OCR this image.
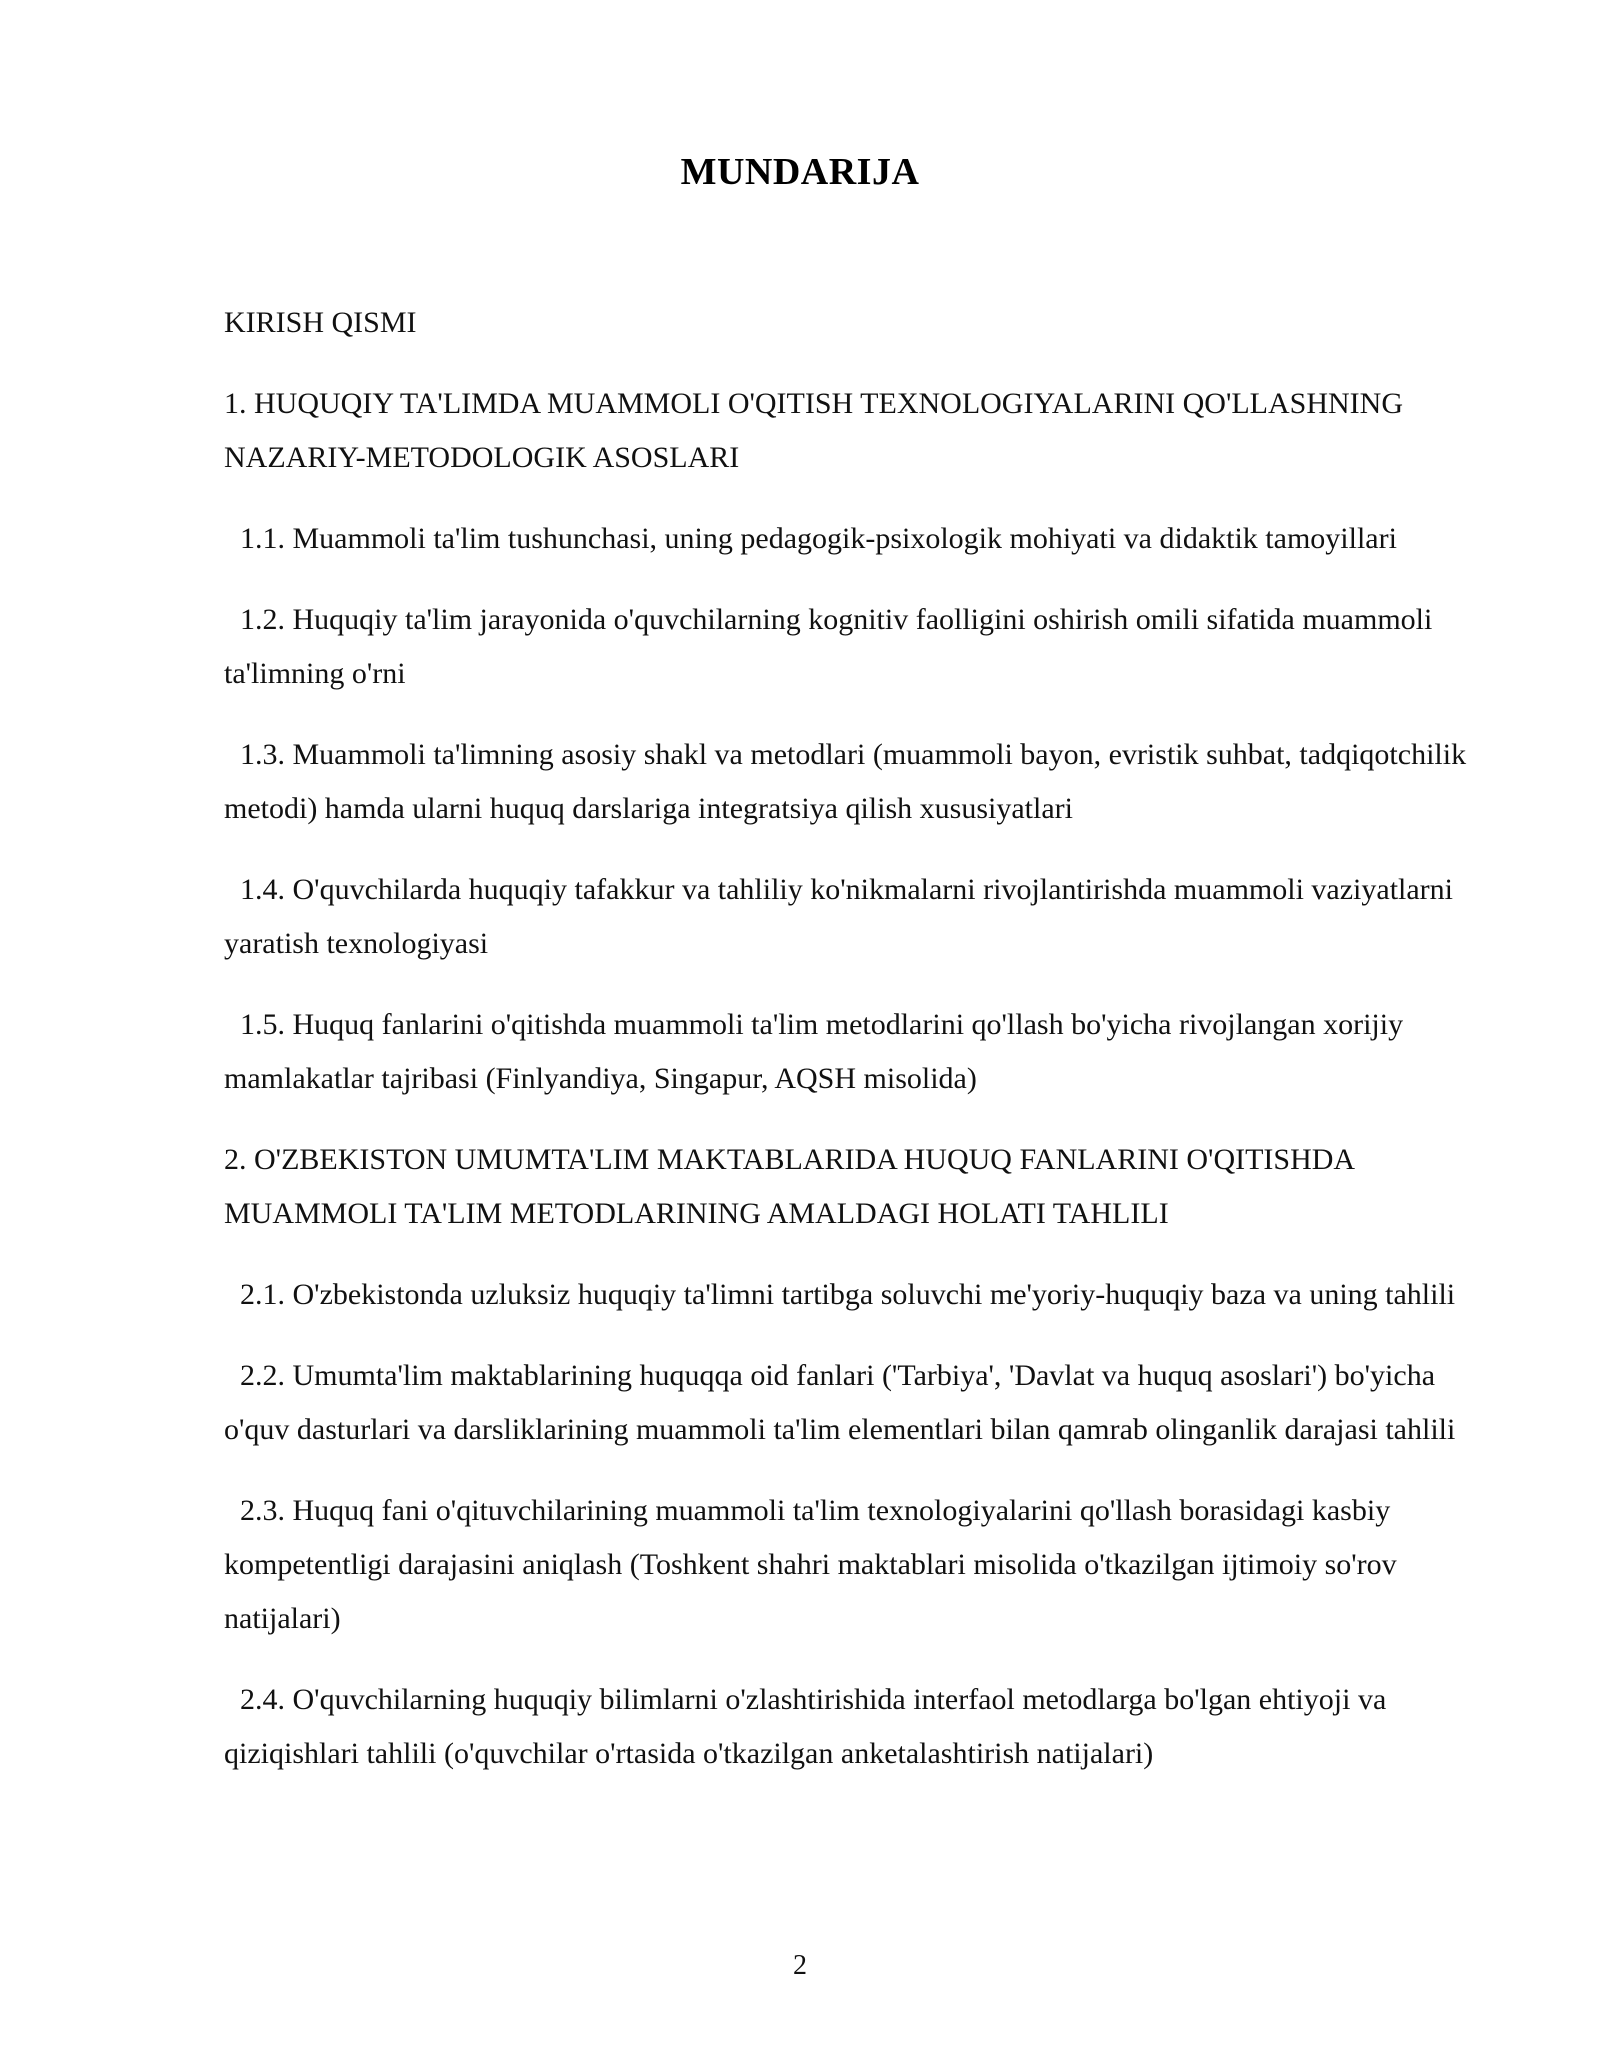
MUNDARIJA
KIRISH QISMI
1. HUQUQIY TA'LIMDA MUAMMOLI O'QITISH TEXNOLOGIYALARINI QO'LLASHNING NAZARIY-METODOLOGIK ASOSLARI
1.1. Muammoli ta'lim tushunchasi, uning pedagogik-psixologik mohiyati va didaktik tamoyillari
1.2. Huquqiy ta'lim jarayonida o'quvchilarning kognitiv faolligini oshirish omili sifatida muammoli ta'limning o'rni
1.3. Muammoli ta'limning asosiy shakl va metodlari (muammoli bayon, evristik suhbat, tadqiqotchilik metodi) hamda ularni huquq darslariga integratsiya qilish xususiyatlari
1.4. O'quvchilarda huquqiy tafakkur va tahliliy ko'nikmalarni rivojlantirishda muammoli vaziyatlarni yaratish texnologiyasi
1.5. Huquq fanlarini o'qitishda muammoli ta'lim metodlarini qo'llash bo'yicha rivojlangan xorijiy mamlakatlar tajribasi (Finlyandiya, Singapur, AQSH misolida)
2. O'ZBEKISTON UMUMTA'LIM MAKTABLARIDA HUQUQ FANLARINI O'QITISHDA MUAMMOLI TA'LIM METODLARINING AMALDAGI HOLATI TAHLILI
2.1. O'zbekistonda uzluksiz huquqiy ta'limni tartibga soluvchi me'yoriy-huquqiy baza va uning tahlili
2.2. Umumta'lim maktablarining huquqqa oid fanlari ('Tarbiya', 'Davlat va huquq asoslari') bo'yicha o'quv dasturlari va darsliklarining muammoli ta'lim elementlari bilan qamrab olinganlik darajasi tahlili
2.3. Huquq fani o'qituvchilarining muammoli ta'lim texnologiyalarini qo'llash borasidagi kasbiy kompetentligi darajasini aniqlash (Toshkent shahri maktablari misolida o'tkazilgan ijtimoiy so'rov natijalari)
2.4. O'quvchilarning huquqiy bilimlarni o'zlashtirishida interfaol metodlarga bo'lgan ehtiyoji va qiziqishlari tahlili (o'quvchilar o'rtasida o'tkazilgan anketalashtirish natijalari)
2
